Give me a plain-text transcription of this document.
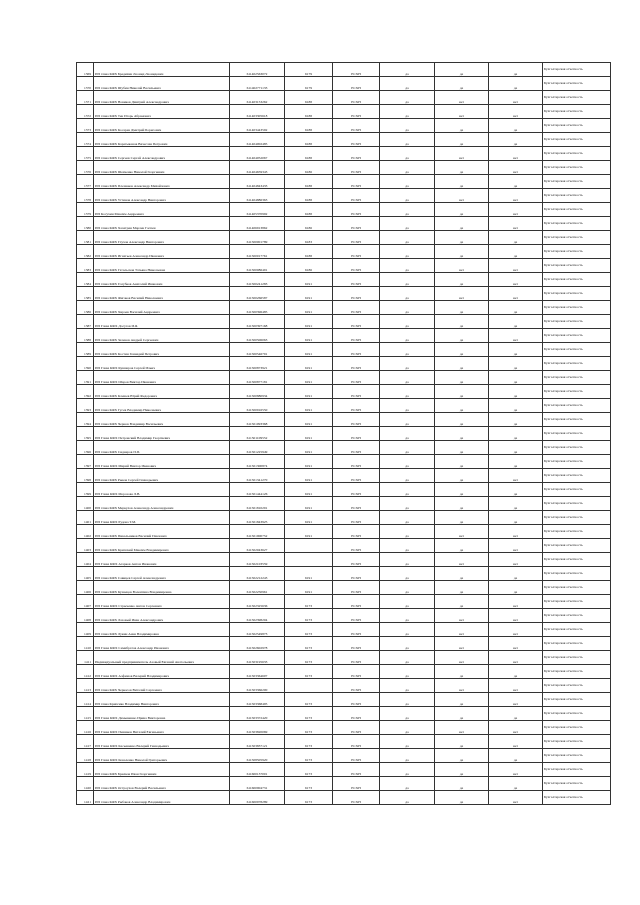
1369	ИП глава КФХ Бредихин Леонид Леонидович	611402563072	6179	ЕСХН	да	да	да	Бухгалтерская отчетность
1370	ИП глава КФХ Шубин Николай Васильевич	611402771133	6179	ЕСХН	да	да	да	Бухгалтерская отчетность
1371	ИП глава КФХ Новиков Дмитрий Александрович	611403153262	6188	ЕСХН	да	нет	нет	Бухгалтерская отчетность
1372	ИП глава КФХ Тен Игорь Абрамович	611403305618	6188	ЕСХН	да	нет	нет	Бухгалтерская отчетность
1373	ИП глава КФХ Косарев Дмитрий Борисович	611403443592	6188	ЕСХН	да	да	да	Бухгалтерская отчетность
1374	ИП глава КФХ Каратыканов Вячеслав Петрович	611404002485	6188	ЕСХН	да	да	да	Бухгалтерская отчетность
1375	ИП глава КФХ Сергеев Сергей Александрович	611404052067	6188	ЕСХН	да	нет	нет	Бухгалтерская отчетность
1376	ИП глава КФХ Шевченко Николай Георгиевич	611404659343	6186	ЕСХН	да	да	нет	Бухгалтерская отчетность
1377	ИП глава КФХ Плешаков Александр Михайлович	611404843433	6188	ЕСХН	да	да	да	Бухгалтерская отчетность
1378	ИП глава КФХ Устинов Александр Викторович	611404886363	6188	ЕСХН	да	нет	нет	Бухгалтерская отчетность
1379	ИП Косухин Максим Андреевич	611405370992	6188	ЕСХН	да	да	нет	Бухгалтерская отчетность
1380	ИП глава КФХ Хачатрян Марлен Гаспеи	611406913862	6186	ЕСХН	да	да	нет	Бухгалтерская отчетность
1381	ИП глава КФХ Глухов Александр Викторович	611500001789	6183	ЕСХН	да	да	да	Бухгалтерская отчетность
1382	ИП глава КФХ Игнатьев Александр Иванович	611500017761	6188	ЕСХН	да	да	да	Бухгалтерская отчетность
1383	ИП глава КФХ Гатальская Татьяна Николаевна	611500086491	6186	ЕСХН	да	нет	нет	Бухгалтерская отчетность
1384	ИП глава КФХ Голубков Анатолий Иванович	611500241283	6191	ЕСХН	да	да	нет	Бухгалтерская отчетность
1385	ИП глава КФХ Фигаков Василий Николаевич	611500266587	6191	ЕСХН	да	нет	нет	Бухгалтерская отчетность
1386	ИП глава КФХ Хираев Василий Андреевич	611500396485	6191	ЕСХН	да	да	да	Бухгалтерская отчетность
1387	ИП Глава КФХ Досугов И.Я.	611500397168	6191	ЕСХН	да	да	да	Бухгалтерская отчетность
1388	ИП глава КФХ Зеленов Андрей Сергеевич	611500506063	6191	ЕСХН	да	да	нет	Бухгалтерская отчетность
1389	ИП глава КФХ Костин Геннадий Петрович	611500546791	6191	ЕСХН	да	да	да	Бухгалтерская отчетность
1390	ИП Глава КФХ Кувшаров Сергей Ильич	611500873921	6191	ЕСХН	да	да	да	Бухгалтерская отчетность
1391	ИП Глава КФХ Шаров Виктор Иванович	611500877181	6191	ЕСХН	да	да	да	Бухгалтерская отчетность
1392	ИП глава КФХ Клешев Юрий Федорович	611500880934	6191	ЕСХН	да	да	да	Бухгалтерская отчетность
1393	ИП глава КФХ Гусев Владимир Николаевич	611500916550	6191	ЕСХН	да	да	да	Бухгалтерская отчетность
1394	ИП глава КФХ Чернов Владимир Васильевич	611501093368	6191	ЕСХН	да	да	да	Бухгалтерская отчетность
1395	ИП Глава КФХ Петровский Владимир Георгиевич	611501109552	6191	ЕСХН	да	да	да	Бухгалтерская отчетность
1396	ИП глава КФХ Сиднеров П.П.	611501225949	6191	ЕСХН	да	да	да	Бухгалтерская отчетность
1397	ИП Глава КФХ Мирий Виктор Иванович	611501300874	6191	ЕСХН	да	да	да	Бухгалтерская отчетность
1398	ИП глава КФХ Рыков Сергей Геннадьевич	611501341270	6191	ЕСХН	да	да	нет	Бухгалтерская отчетность
1399	ИП Глава КФХ Морозова Л.В.	611501444126	6191	ЕСХН	да	да	да	Бухгалтерская отчетность
1400	ИП глава КФХ Меркулов Александр Александрович	611501810291	6191	ЕСХН	да	да	да	Бухгалтерская отчетность
1401	ИП Глава КФХ Рудова Т.М.	611501843925	6191	ЕСХН	да	да	да	Бухгалтерская отчетность
1402	ИП глава КФХ Пикальников Василий Павлович	611501900752	6191	ЕСХН	да	нет	нет	Бухгалтерская отчетность
1403	ИП глава КФХ Крипский Максим Владимирович	611502043627		ЕСХН	да	да	нет	Бухгалтерская отчетность
1404	ИП Глава КФХ Агарков Антон Иванович	611502103559		ЕСХН	да	нет	нет	Бухгалтерская отчетность
1405	ИП глава КФХ Савицев Сергей Александрович	611502212243	6191	ЕСХН	да	да	да	Бухгалтерская отчетность
1406	ИП глава КФХ Кузнецов Валентина Владимировна	611502250961	6191	ЕСХН	да	да	да	Бухгалтерская отчетность
1407	ИП Глава КФХ Стрыченко Антон Сергеевич	611502325636	6173	ЕСХН	да	да	нет	Бухгалтерская отчетность
1408	ИП глава КФХ Лазовый Иван Александрович	611502398204	6173	ЕСХН	да	нет	нет	Бухгалтерская отчетность
1409	ИП глава КФХ Лукин Анна Владимировна	611502549873	6173	ЕСХН	да	нет	нет	Бухгалтерская отчетность
1410	ИП Глава КФХ Семибратов Александр Иванович	611502602978	6173	ЕСХН	да	нет	нет	Бухгалтерская отчетность
1411	Индивидуальный предприниматель Азовый Евгений Анатольевич	611503195633	6173	ЕСХН	да	нет	нет	Бухгалтерская отчетность
1412	ИП Глава КФХ Алфимов Валерий Владимирович	611503364607	6173	ЕСХН	да	да	да	Бухгалтерская отчетность
1413	ИП глава КФХ Черкасов Виталий Сергеевич	611503366200		ЕСХН	да	нет	нет	Бухгалтерская отчетность
1414	ИП глава Крипсико Владимир Викторович	611503368495	6173	ЕСХН	да	да	нет	Бухгалтерская отчетность
1415	ИП Глава КФХ Демьяненко Ирина Викторовна	611503372420	6173	ЕСХН	да	да	да	Бухгалтерская отчетность
1416	ИП Глава КФХ Пешиков Виталий Евгеньевич	611503820069	6173	ЕСХН	да	нет	нет	Бухгалтерская отчетность
1417	ИП Глава КФХ Касьяненко Валерий Геннадьевич	611503837121	6173	ЕСХН	да	да	нет	Бухгалтерская отчетность
1418	ИП Глава КФХ Коваленко Николай Григорьевич	611508505920	6173	ЕСХН	да	да	да	Бухгалтерская отчетность
1419	ИП глава КФХ Брилков Иван Георгиевич	611600137001	6173	ЕСХН	да	да	нет	Бухгалтерская отчетность
1420	ИП глава КФХ Остроухов Валерий Васильевич	611600904731	6173	ЕСХН	да	да	да	Бухгалтерская отчетность
1421	ИП глава КФХ Рыбаков Александр Владимирович	611600978289	6173	ЕСХН	да	да	нет	Бухгалтерская отчетность
